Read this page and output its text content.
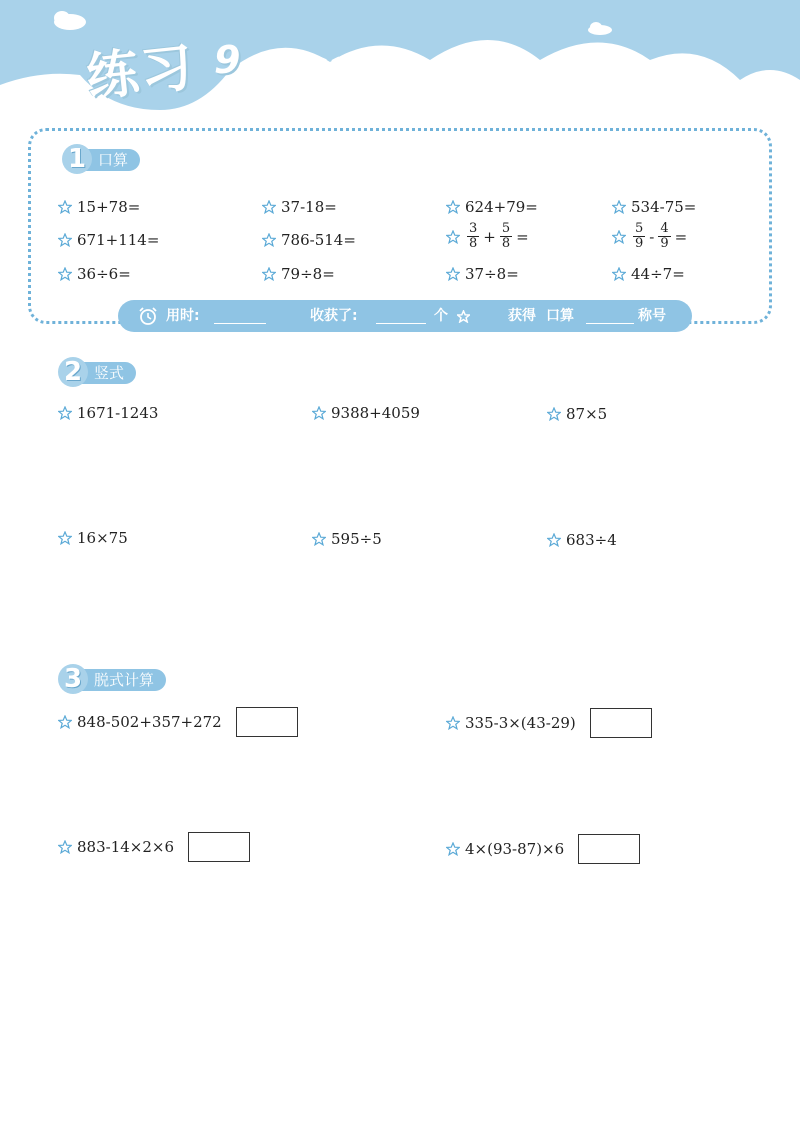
练习 9
口算
1
15+78=	37-18=	624+79=	534-75=
671+114=	786-514=	$\frac{3}{8} + \frac{5}{8}$ =	$\frac{5}{9} - \frac{4}{9}$ =
36÷6=	79÷8=	37÷8=	44÷7=
用时:	收获了:	个	获得 口算	称号
竖式
2
1671-1243	9388+4059	87×5
16×75	595÷5	683÷4
脱式计算
3
848-502+357+272	335-3×(43-29)
883-14×2×6	4×(93-87)×6
